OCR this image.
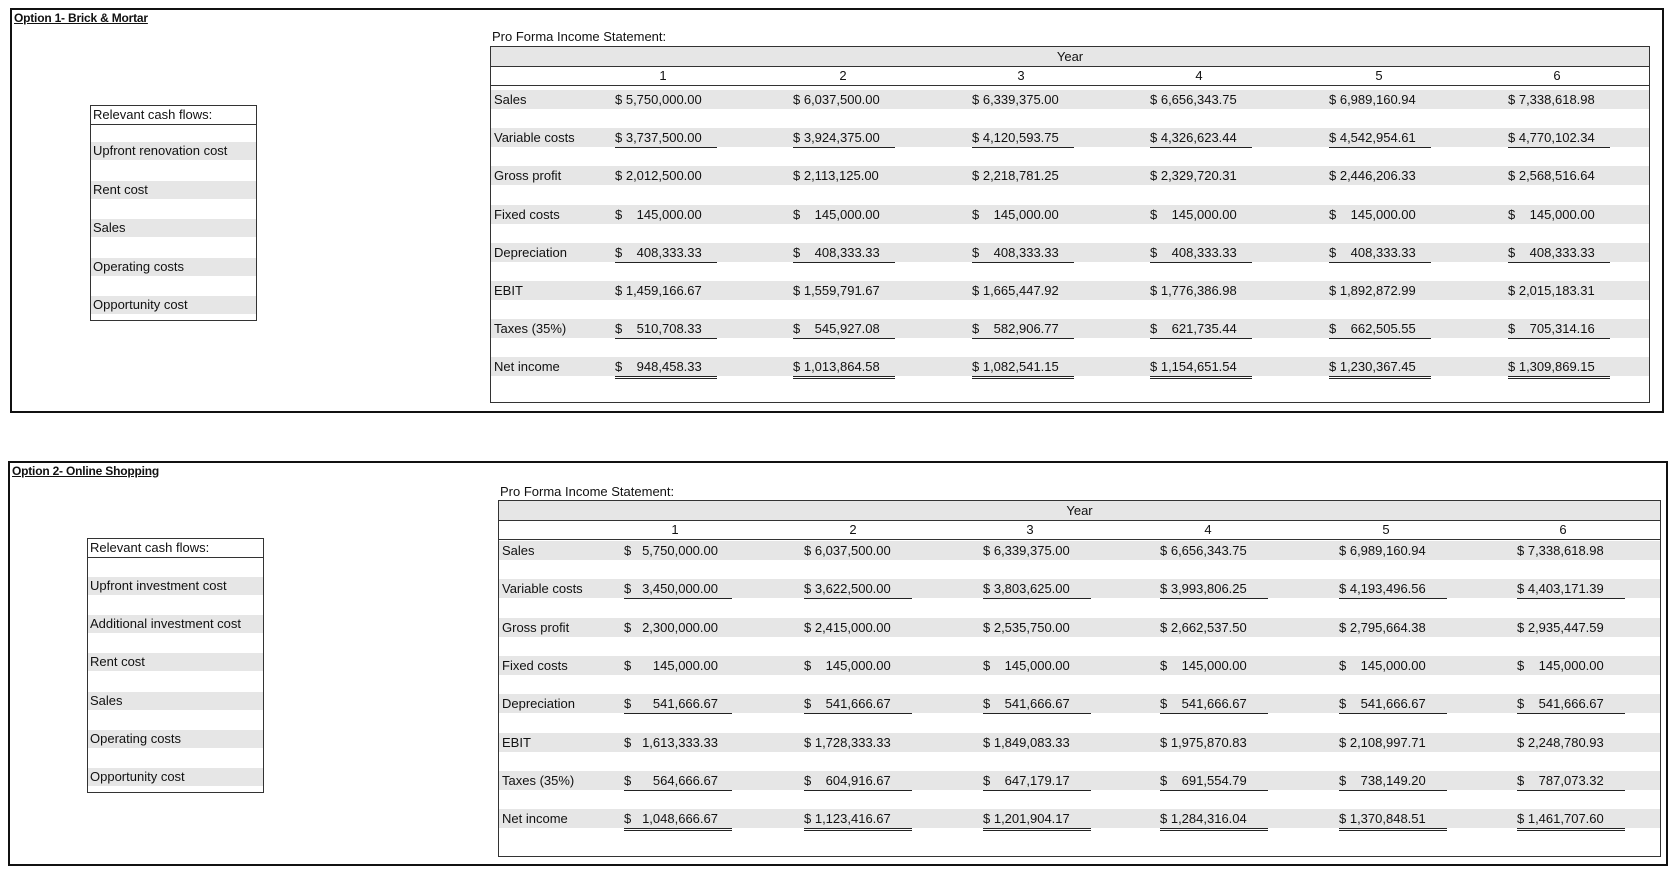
Option 1- Brick & Mortar
Relevant cash flows:
Upfront renovation cost
Rent cost
Sales
Operating costs
Opportunity cost
Pro Forma Income Statement:
Year
1	2	3	4	5	6
Sales	$ 5,750,000.00	$ 6,037,500.00	$ 6,339,375.00	$ 6,656,343.75	$ 6,989,160.94	$ 7,338,618.98
Variable costs	$ 3,737,500.00	$ 3,924,375.00	$ 4,120,593.75	$ 4,326,623.44	$ 4,542,954.61	$ 4,770,102.34
Gross profit	$ 2,012,500.00	$ 2,113,125.00	$ 2,218,781.25	$ 2,329,720.31	$ 2,446,206.33	$ 2,568,516.64
Fixed costs	$    145,000.00	$    145,000.00	$    145,000.00	$    145,000.00	$    145,000.00	$    145,000.00
Depreciation	$    408,333.33	$    408,333.33	$    408,333.33	$    408,333.33	$    408,333.33	$    408,333.33
EBIT	$ 1,459,166.67	$ 1,559,791.67	$ 1,665,447.92	$ 1,776,386.98	$ 1,892,872.99	$ 2,015,183.31
Taxes (35%)	$    510,708.33	$    545,927.08	$    582,906.77	$    621,735.44	$    662,505.55	$    705,314.16
Net income	$    948,458.33	$ 1,013,864.58	$ 1,082,541.15	$ 1,154,651.54	$ 1,230,367.45	$ 1,309,869.15
Option 2- Online Shopping
Relevant cash flows:
Upfront investment cost
Additional investment cost
Rent cost
Sales
Operating costs
Opportunity cost
Pro Forma Income Statement:
Year
1	2	3	4	5	6
Sales	$   5,750,000.00	$ 6,037,500.00	$ 6,339,375.00	$ 6,656,343.75	$ 6,989,160.94	$ 7,338,618.98
Variable costs	$   3,450,000.00	$ 3,622,500.00	$ 3,803,625.00	$ 3,993,806.25	$ 4,193,496.56	$ 4,403,171.39
Gross profit	$   2,300,000.00	$ 2,415,000.00	$ 2,535,750.00	$ 2,662,537.50	$ 2,795,664.38	$ 2,935,447.59
Fixed costs	$      145,000.00	$    145,000.00	$    145,000.00	$    145,000.00	$    145,000.00	$    145,000.00
Depreciation	$      541,666.67	$    541,666.67	$    541,666.67	$    541,666.67	$    541,666.67	$    541,666.67
EBIT	$   1,613,333.33	$ 1,728,333.33	$ 1,849,083.33	$ 1,975,870.83	$ 2,108,997.71	$ 2,248,780.93
Taxes (35%)	$      564,666.67	$    604,916.67	$    647,179.17	$    691,554.79	$    738,149.20	$    787,073.32
Net income	$   1,048,666.67	$ 1,123,416.67	$ 1,201,904.17	$ 1,284,316.04	$ 1,370,848.51	$ 1,461,707.60
